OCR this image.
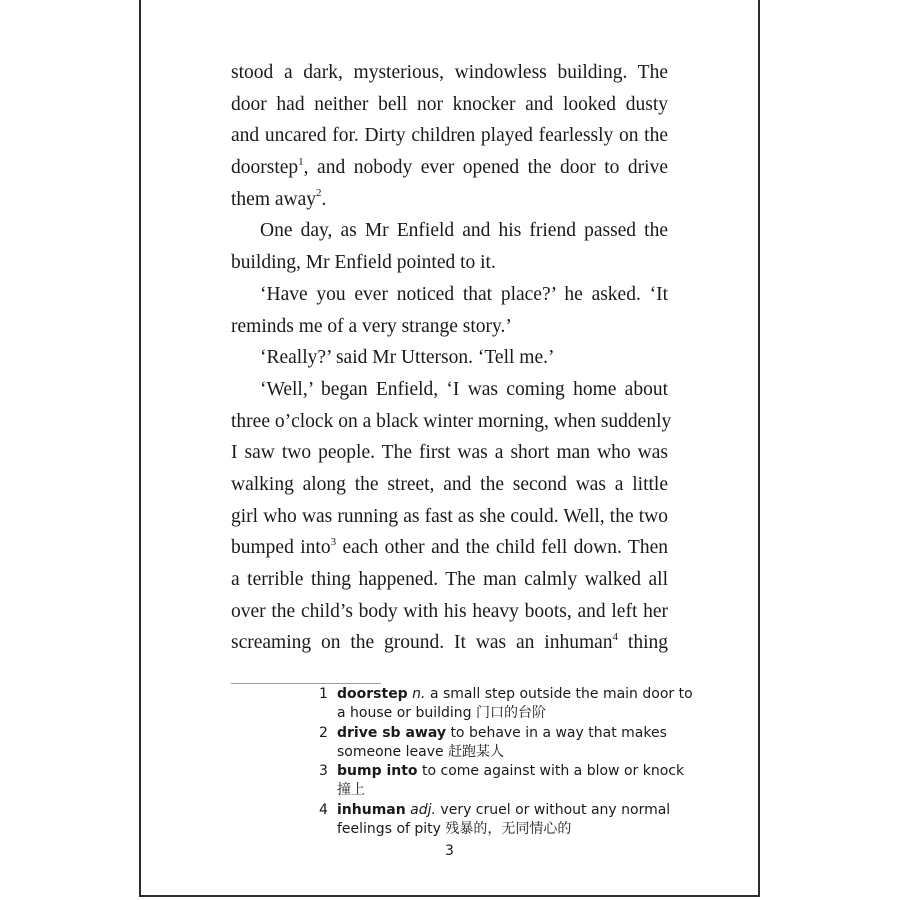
stood a dark, mysterious, windowless building. The
door had neither bell nor knocker and looked dusty
and uncared for. Dirty children played fearlessly on the
doorstep$^1$, and nobody ever opened the door to drive
them away$^2$.
One day, as Mr Enfield and his friend passed the
building, Mr Enfield pointed to it.
‘Have you ever noticed that place?’ he asked. ‘It
reminds me of a very strange story.’
‘Really?’ said Mr Utterson. ‘Tell me.’
‘Well,’ began Enfield, ‘I was coming home about
three o’clock on a black winter morning, when suddenly
I saw two people. The first was a short man who was
walking along the street, and the second was a little
girl who was running as fast as she could. Well, the two
bumped into$^3$ each other and the child fell down. Then
a terrible thing happened. The man calmly walked all
over the child’s body with his heavy boots, and left her
screaming on the ground. It was an inhuman$^4$ thing
1 doorstep n. a small step outside the main door to a house or building 门口的台阶
2 drive sb away to behave in a way that makes someone leave 赶跑某人
3 bump into to come against with a blow or knock 撞上
4 inhuman adj. very cruel or without any normal feelings of pity 残暴的，无同情心的
3
